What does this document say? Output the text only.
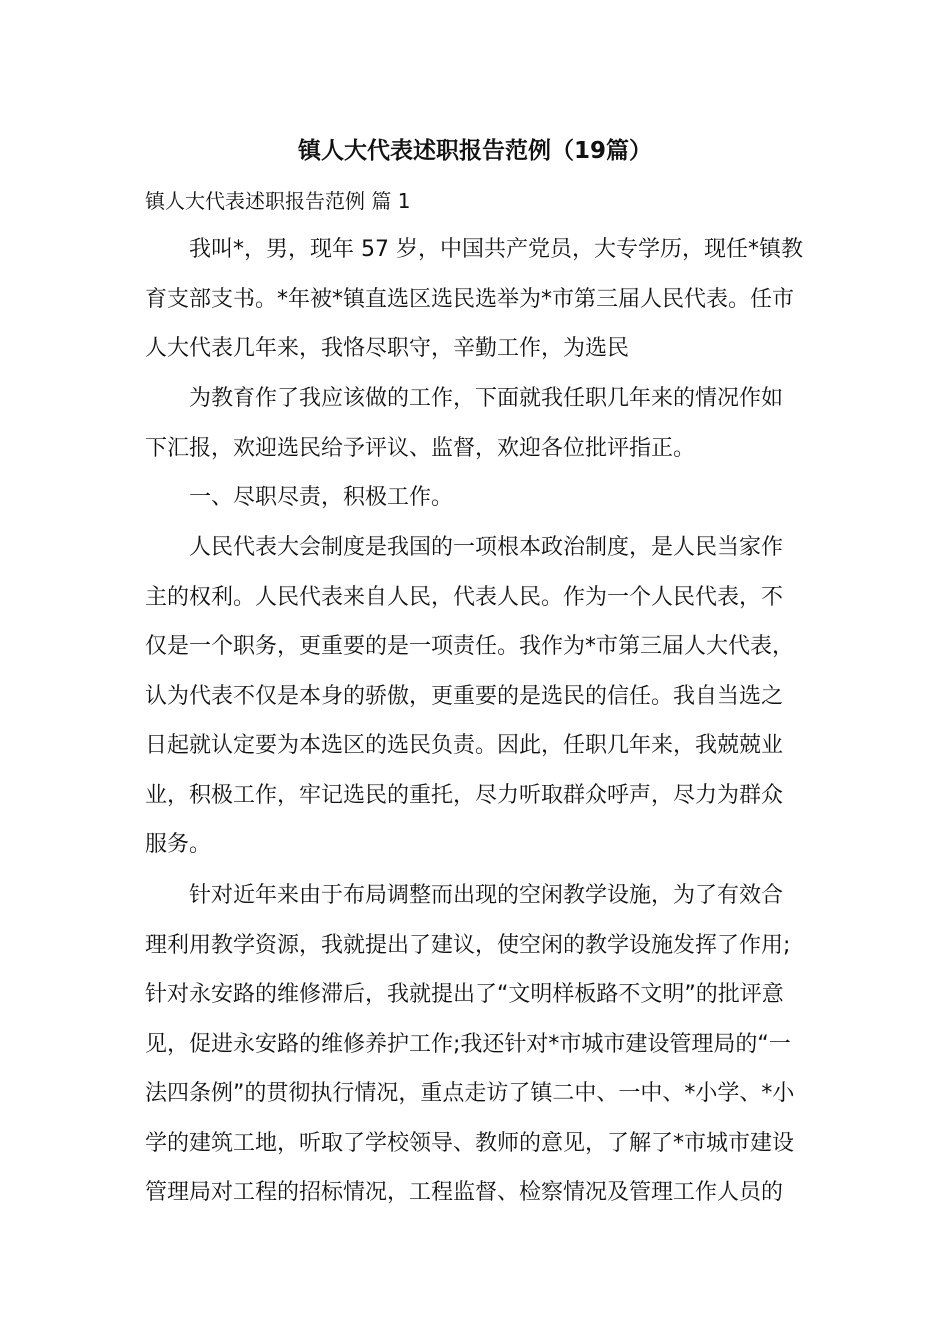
镇人大代表述职报告范例（19篇）
镇人大代表述职报告范例 篇 1

我叫*，男，现年 57 岁，中国共产党员，大专学历，现任*镇教
育支部支书。*年被*镇直选区选民选举为*市第三届人民代表。任市
人大代表几年来，我恪尽职守，辛勤工作，为选民

为教育作了我应该做的工作，下面就我任职几年来的情况作如
下汇报，欢迎选民给予评议、监督，欢迎各位批评指正。

一、尽职尽责，积极工作。

人民代表大会制度是我国的一项根本政治制度，是人民当家作
主的权利。人民代表来自人民，代表人民。作为一个人民代表，不
仅是一个职务，更重要的是一项责任。我作为*市第三届人大代表，
认为代表不仅是本身的骄傲，更重要的是选民的信任。我自当选之
日起就认定要为本选区的选民负责。因此，任职几年来，我兢兢业
业，积极工作，牢记选民的重托，尽力听取群众呼声，尽力为群众
服务。

针对近年来由于布局调整而出现的空闲教学设施，为了有效合
理利用教学资源，我就提出了建议，使空闲的教学设施发挥了作用;
针对永安路的维修滞后，我就提出了“文明样板路不文明”的批评意
见，促进永安路的维修养护工作;我还针对*市城市建设管理局的“一
法四条例”的贯彻执行情况，重点走访了镇二中、一中、*小学、*小
学的建筑工地，听取了学校领导、教师的意见，了解了*市城市建设
管理局对工程的招标情况，工程监督、检察情况及管理工作人员的
